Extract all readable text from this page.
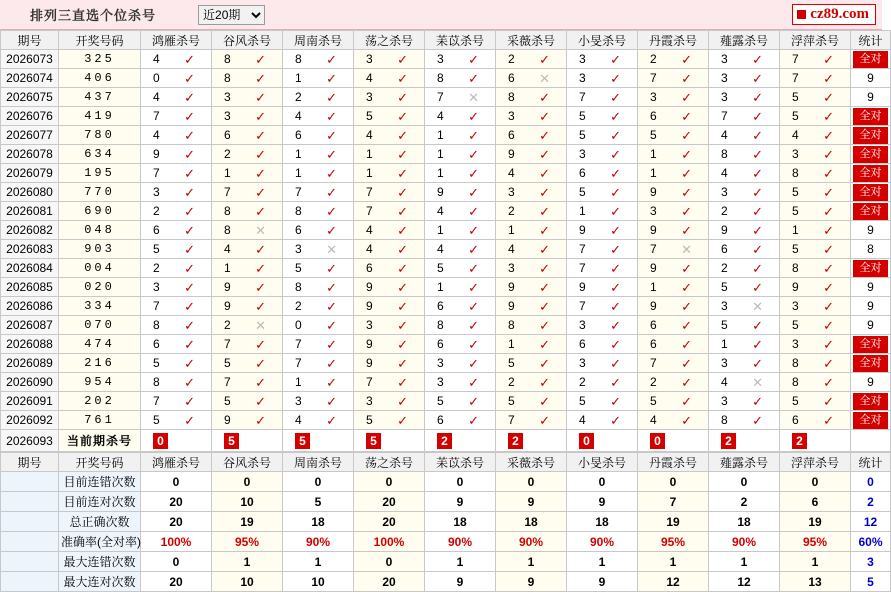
排列三直选个位杀号
近20期	cz89.com
期号	开奖号码	鸿雁杀号	谷风杀号	周南杀号	荡之杀号	苿苡杀号	采薇杀号	小旻杀号	丹霞杀号	薤露杀号	浮萍杀号	统计
2026073	325	4 ✓	8 ✓	8 ✓	3 ✓	3 ✓	2 ✓	3 ✓	2 ✓	3 ✓	7 ✓	全对

2026074	406	0 ✓	8 ✓	1 ✓	4 ✓	8 ✓	6 ✕	3 ✓	7 ✓	3 ✓	7 ✓	9
2026075	437	4 ✓	3 ✓	2 ✓	3 ✓	7 ✕	8 ✓	7 ✓	3 ✓	3 ✓	5 ✓	9
2026076	419	7 ✓	3 ✓	4 ✓	5 ✓	4 ✓	3 ✓	5 ✓	6 ✓	7 ✓	5 ✓	全对

2026077	780	4 ✓	6 ✓	6 ✓	4 ✓	1 ✓	6 ✓	5 ✓	5 ✓	4 ✓	4 ✓	全对

2026078	634	9 ✓	2 ✓	1 ✓	1 ✓	1 ✓	9 ✓	3 ✓	1 ✓	8 ✓	3 ✓	全对

2026079	195	7 ✓	1 ✓	1 ✓	1 ✓	1 ✓	4 ✓	6 ✓	1 ✓	4 ✓	8 ✓	全对

2026080	770	3 ✓	7 ✓	7 ✓	7 ✓	9 ✓	3 ✓	5 ✓	9 ✓	3 ✓	5 ✓	全对

2026081	690	2 ✓	8 ✓	8 ✓	7 ✓	4 ✓	2 ✓	1 ✓	3 ✓	2 ✓	5 ✓	全对

2026082	048	6 ✓	8 ✕	6 ✓	4 ✓	1 ✓	1 ✓	9 ✓	9 ✓	9 ✓	1 ✓	9
2026083	903	5 ✓	4 ✓	3 ✕	4 ✓	4 ✓	4 ✓	7 ✓	7 ✕	6 ✓	5 ✓	8
2026084	004	2 ✓	1 ✓	5 ✓	6 ✓	5 ✓	3 ✓	7 ✓	9 ✓	2 ✓	8 ✓	全对

2026085	020	3 ✓	9 ✓	8 ✓	9 ✓	1 ✓	9 ✓	9 ✓	1 ✓	5 ✓	9 ✓	9
2026086	334	7 ✓	9 ✓	2 ✓	9 ✓	6 ✓	9 ✓	7 ✓	9 ✓	3 ✕	3 ✓	9
2026087	070	8 ✓	2 ✕	0 ✓	3 ✓	8 ✓	8 ✓	3 ✓	6 ✓	5 ✓	5 ✓	9
2026088	474	6 ✓	7 ✓	7 ✓	9 ✓	6 ✓	1 ✓	6 ✓	6 ✓	1 ✓	3 ✓	全对

2026089	216	5 ✓	5 ✓	7 ✓	9 ✓	3 ✓	5 ✓	3 ✓	7 ✓	3 ✓	8 ✓	全对

2026090	954	8 ✓	7 ✓	1 ✓	7 ✓	3 ✓	2 ✓	2 ✓	2 ✓	4 ✕	8 ✓	9
2026091	202	7 ✓	5 ✓	3 ✓	3 ✓	5 ✓	5 ✓	5 ✓	5 ✓	3 ✓	5 ✓	全对

2026092	761	5 ✓	9 ✓	4 ✓	5 ✓	6 ✓	7 ✓	4 ✓	4 ✓	8 ✓	6 ✓	全对

2026093	当前期杀号	0	5	5	5	2	2	0	0	2	2	

期号	开奖号码	鸿雁杀号	谷风杀号	周南杀号	荡之杀号	苿苡杀号	采薇杀号	小旻杀号	丹霞杀号	薤露杀号	浮萍杀号	统计
	目前连错次数	0	0	0	0	0	0	0	0	0	0	0
	目前连对次数	20	10	5	20	9	9	9	7	2	6	2
	总正确次数	20	19	18	20	18	18	18	19	18	19	12
	准确率(全对率)	100%	95%	90%	100%	90%	90%	90%	95%	90%	95%	60%
	最大连错次数	0	1	1	0	1	1	1	1	1	1	3
	最大连对次数	20	10	10	20	9	9	9	12	12	13	5
